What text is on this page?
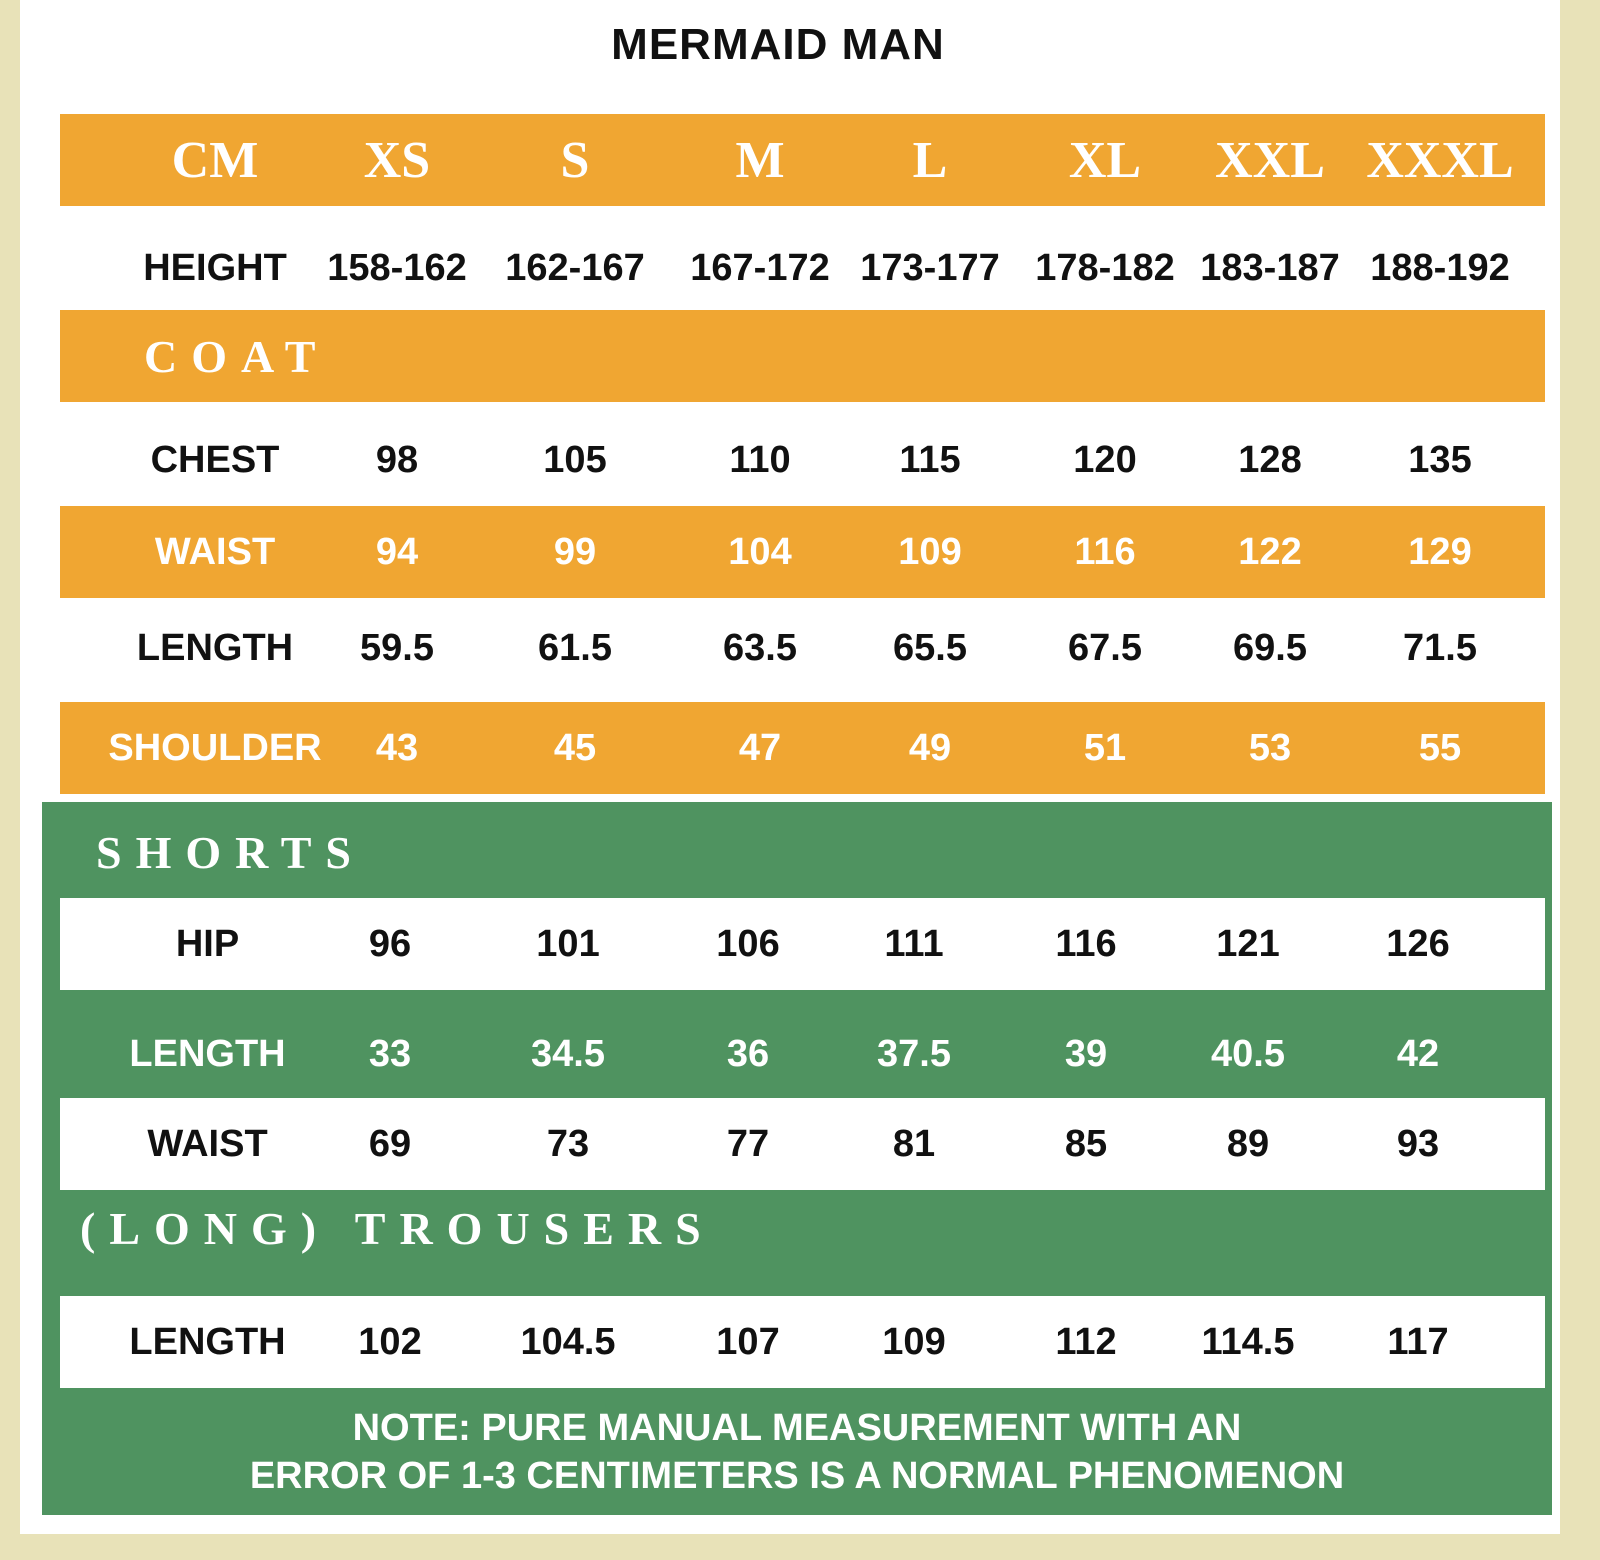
MERMAID MAN
CM	XS	S	M	L	XL	XXL XXXL
HEIGHT	158-162 162-167 167-172 173-177 178-182 183-187 188-192
COAT
CHEST	98	105	110	115	120	128	135
WAIST	94	99	104	109	116	122	129
LENGTH	59.5	61.5	63.5	65.5	67.5	69.5	71.5
SHOULDER	43	45	47	49	51	53	55
SHORTS
HIP	96	101	106	111	116	121	126
LENGTH	33	34.5	36	37.5	39	40.5	42
WAIST	69	73	77	81	85	89	93
(LONG) TROUSERS
LENGTH	102	104.5	107	109	112	114.5	117
NOTE: PURE MANUAL MEASUREMENT WITH AN
ERROR OF 1-3 CENTIMETERS IS A NORMAL PHENOMENON
